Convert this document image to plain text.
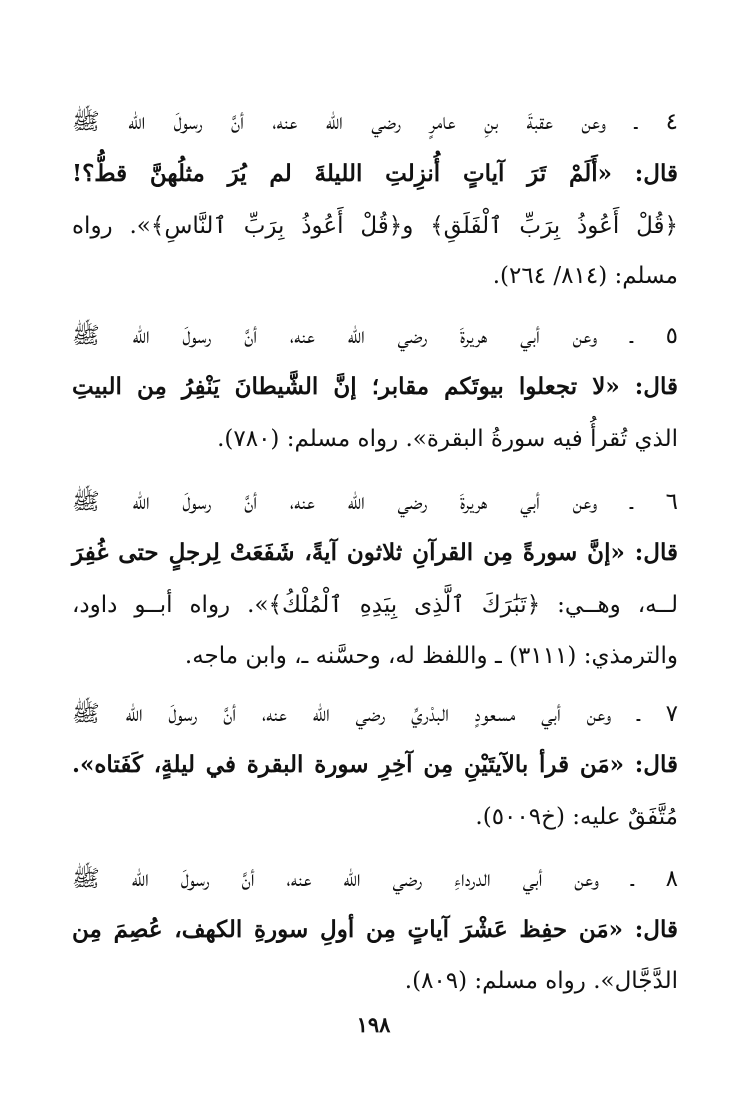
٤ ـ وعن عقبةَ بنِ عامرٍ رضي الله عنه، أنَّ رسولَ الله ﷺ
قال: «أَلَمْ تَرَ آياتٍ أُنزِلتِ الليلةَ لم يُرَ مثلُهنَّ قطُّ؟!
﴿قُلْ أَعُوذُ بِرَبِّ ٱلْفَلَقِ﴾ و﴿قُلْ أَعُوذُ بِرَبِّ ٱلنَّاسِ﴾». رواه
مسلم: (٨١٤/ ٢٦٤).
٥ ـ وعن أبي هريرةَ رضي الله عنه، أنَّ رسولَ الله ﷺ
قال: «لا تجعلوا بيوتَكم مقابر؛ إنَّ الشَّيطانَ يَنْفِرُ مِن البيتِ
الذي تُقرأُ فيه سورةُ البقرة». رواه مسلم: (٧٨٠).
٦ ـ وعن أبي هريرةَ رضي الله عنه، أنَّ رسولَ الله ﷺ
قال: «إنَّ سورةً مِن القرآنِ ثلاثون آيةً، شَفَعَتْ لِرجلٍ حتى غُفِرَ
لــه، وهــي: ﴿تَبَٰرَكَ ٱلَّذِى بِيَدِهِ ٱلْمُلْكُ﴾». رواه أبــو داود،
والترمذي: (٣١١١) ـ واللفظ له، وحسَّنه ـ، وابن ماجه.
٧ ـ وعن أبي مسعودٍ البدْريِّ رضي الله عنه، أنَّ رسولَ الله ﷺ
قال: «مَن قرأ بالآيتَيْنِ مِن آخِرِ سورة البقرة في ليلةٍ، كَفَتاه».
مُتَّفَقٌ عليه: (خ٥٠٠٩).
٨ ـ وعن أبي الدرداءِ رضي الله عنه، أنَّ رسولَ الله ﷺ
قال: «مَن حفِظ عَشْرَ آياتٍ مِن أولِ سورةِ الكهف، عُصِمَ مِن
الدَّجَّال». رواه مسلم: (٨٠٩).
١٩٨
